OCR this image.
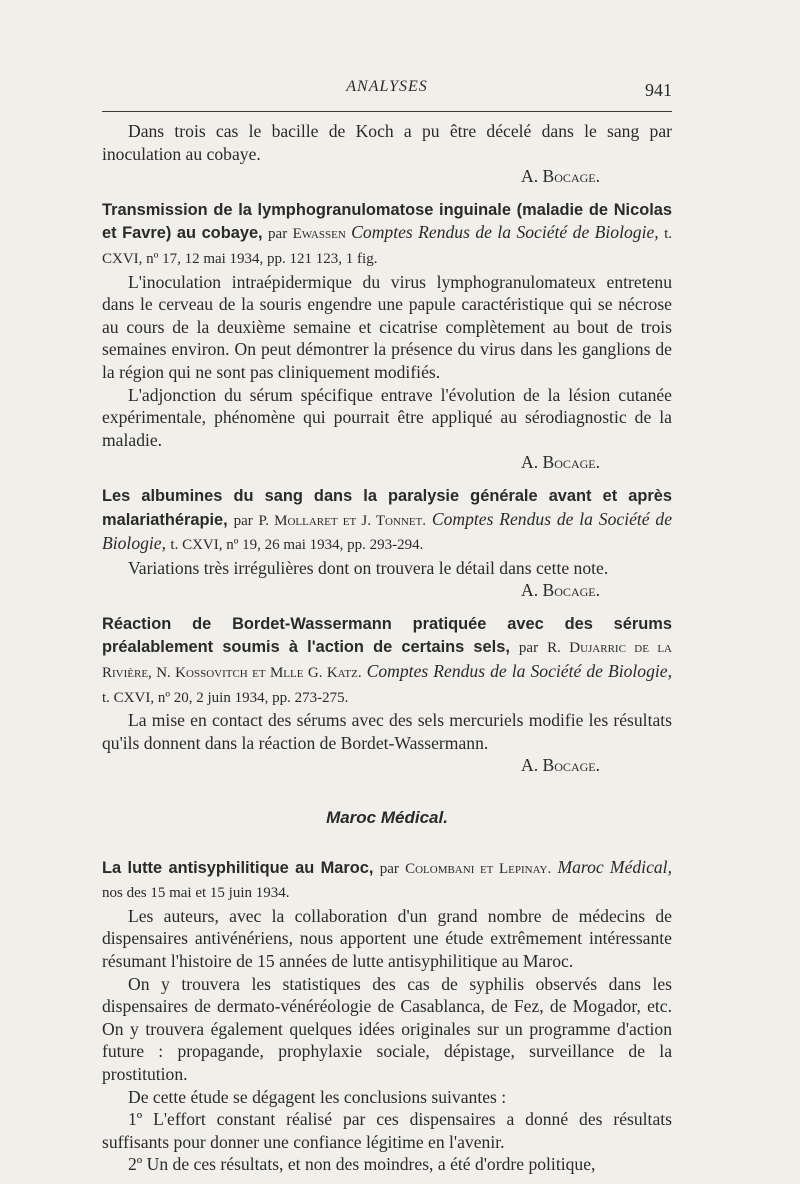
ANALYSES	941

Dans trois cas le bacille de Koch a pu être décelé dans le sang par inoculation au cobaye.

A. Bocage.

Transmission de la lymphogranulomatose inguinale (maladie de Nicolas et Favre) au cobaye, par Ewassen Comptes Rendus de la Société de Biologie, t. CXVI, nº 17, 12 mai 1934, pp. 121 123, 1 fig.

L'inoculation intraépidermique du virus lymphogranulomateux entretenu dans le cerveau de la souris engendre une papule caractéristique qui se nécrose au cours de la deuxième semaine et cicatrise complètement au bout de trois semaines environ. On peut démontrer la présence du virus dans les ganglions de la région qui ne sont pas cliniquement modifiés.

L'adjonction du sérum spécifique entrave l'évolution de la lésion cutanée expérimentale, phénomène qui pourrait être appliqué au sérodiagnostic de la maladie.

A. Bocage.

Les albumines du sang dans la paralysie générale avant et après malariathérapie, par P. Mollaret et J. Tonnet. Comptes Rendus de la Société de Biologie, t. CXVI, nº 19, 26 mai 1934, pp. 293-294.

Variations très irrégulières dont on trouvera le détail dans cette note.

A. Bocage.

Réaction de Bordet-Wassermann pratiquée avec des sérums préalablement soumis à l'action de certains sels, par R. Dujarric de la Rivière, N. Kossovitch et Mlle G. Katz. Comptes Rendus de la Société de Biologie, t. CXVI, nº 20, 2 juin 1934, pp. 273-275.

La mise en contact des sérums avec des sels mercuriels modifie les résultats qu'ils donnent dans la réaction de Bordet-Wassermann.

A. Bocage.

Maroc Médical.

La lutte antisyphilitique au Maroc, par Colombani et Lepinay. Maroc Médical, nos des 15 mai et 15 juin 1934.

Les auteurs, avec la collaboration d'un grand nombre de médecins de dispensaires antivénériens, nous apportent une étude extrêmement intéressante résumant l'histoire de 15 années de lutte antisyphilitique au Maroc.

On y trouvera les statistiques des cas de syphilis observés dans les dispensaires de dermato-vénéréologie de Casablanca, de Fez, de Mogador, etc. On y trouvera également quelques idées originales sur un programme d'action future : propagande, prophylaxie sociale, dépistage, surveillance de la prostitution.

De cette étude se dégagent les conclusions suivantes :

1º L'effort constant réalisé par ces dispensaires a donné des résultats suffisants pour donner une confiance légitime en l'avenir.

2º Un de ces résultats, et non des moindres, a été d'ordre politique,
